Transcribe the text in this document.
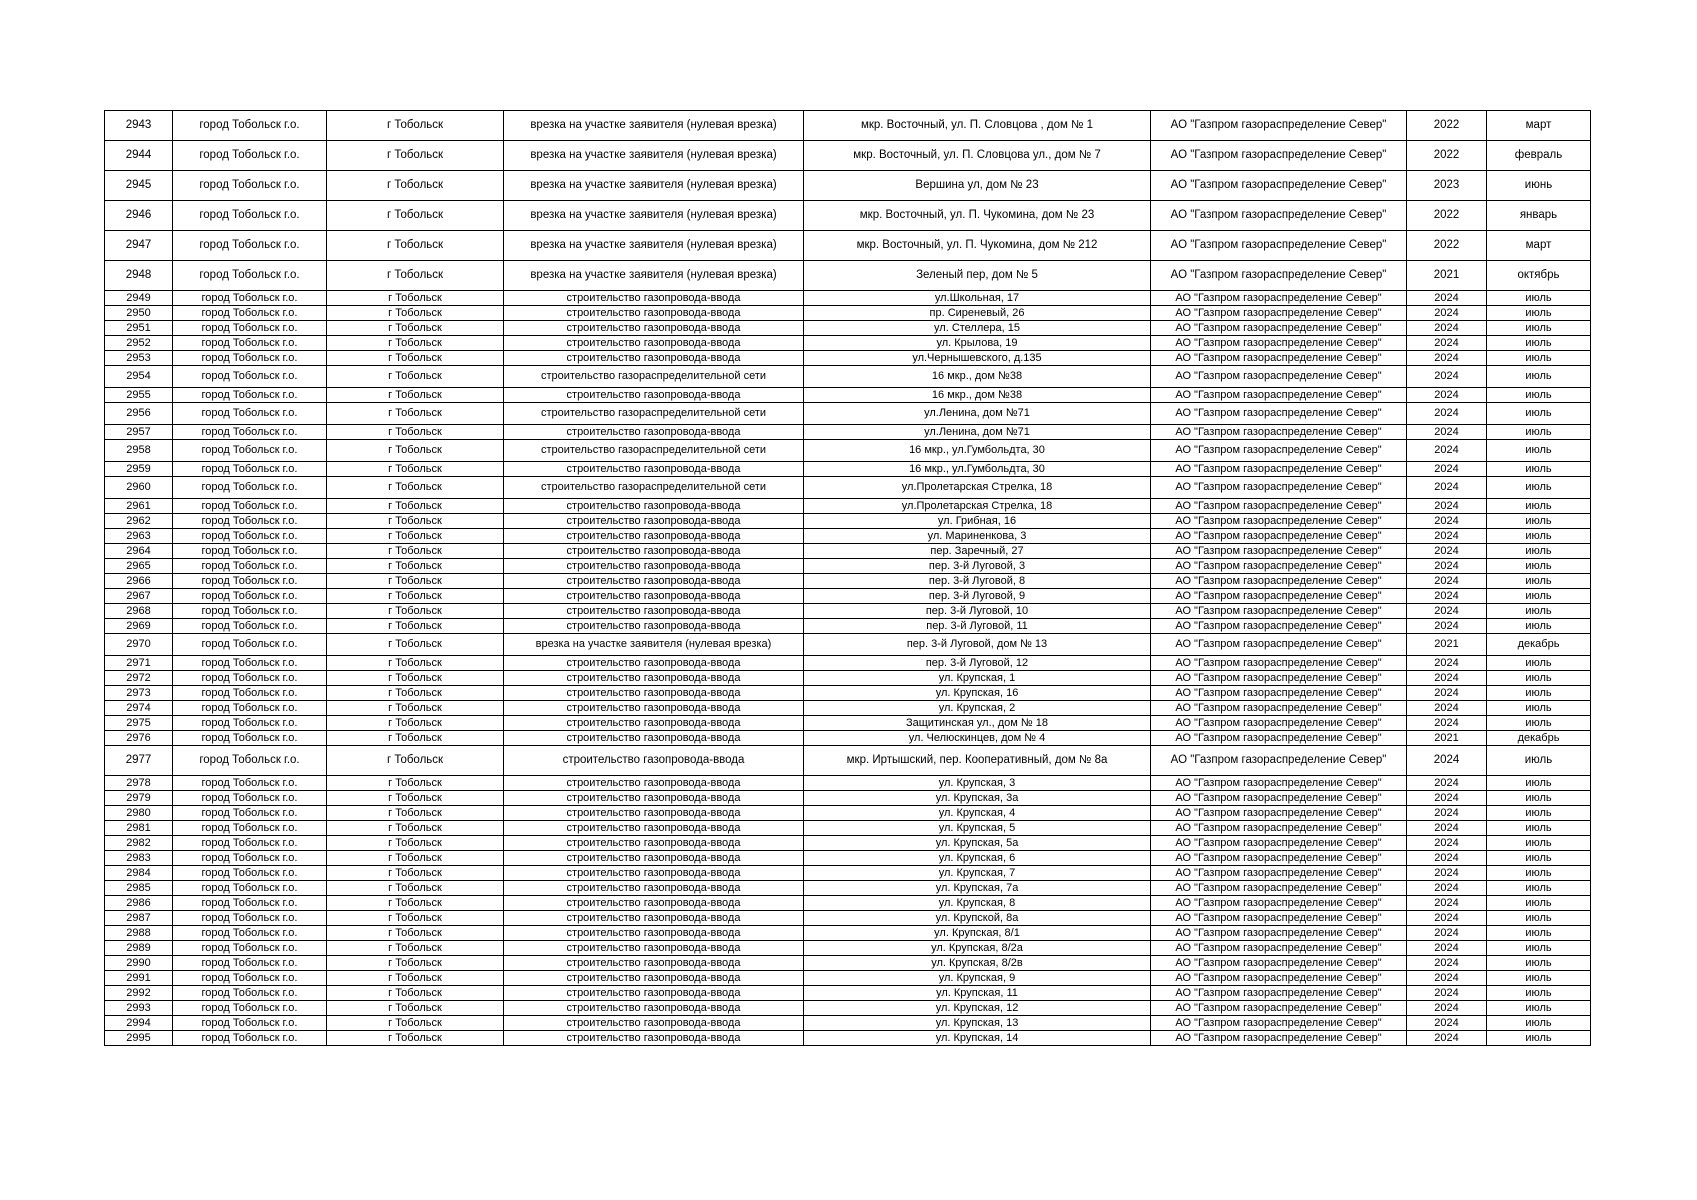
2943	город Тобольск г.о.	г Тобольск	врезка на участке заявителя (нулевая врезка)	мкр. Восточный, ул. П. Словцова , дом № 1	АО "Газпром газораспределение Север"	2022	март
2944	город Тобольск г.о.	г Тобольск	врезка на участке заявителя (нулевая врезка)	мкр. Восточный, ул. П. Словцова ул., дом № 7	АО "Газпром газораспределение Север"	2022	февраль
2945	город Тобольск г.о.	г Тобольск	врезка на участке заявителя (нулевая врезка)	Вершина ул, дом № 23	АО "Газпром газораспределение Север"	2023	июнь
2946	город Тобольск г.о.	г Тобольск	врезка на участке заявителя (нулевая врезка)	мкр. Восточный, ул. П. Чукомина, дом № 23	АО "Газпром газораспределение Север"	2022	январь
2947	город Тобольск г.о.	г Тобольск	врезка на участке заявителя (нулевая врезка)	мкр. Восточный, ул. П. Чукомина, дом № 212	АО "Газпром газораспределение Север"	2022	март
2948	город Тобольск г.о.	г Тобольск	врезка на участке заявителя (нулевая врезка)	Зеленый пер, дом № 5	АО "Газпром газораспределение Север"	2021	октябрь
2949	город Тобольск г.о.	г Тобольск	строительство газопровода-ввода	ул.Школьная, 17	АО "Газпром газораспределение Север"	2024	июль
2950	город Тобольск г.о.	г Тобольск	строительство газопровода-ввода	пр. Сиреневый, 26	АО "Газпром газораспределение Север"	2024	июль
2951	город Тобольск г.о.	г Тобольск	строительство газопровода-ввода	ул. Стеллера, 15	АО "Газпром газораспределение Север"	2024	июль
2952	город Тобольск г.о.	г Тобольск	строительство газопровода-ввода	ул. Крылова, 19	АО "Газпром газораспределение Север"	2024	июль
2953	город Тобольск г.о.	г Тобольск	строительство газопровода-ввода	ул.Чернышевского, д.135	АО "Газпром газораспределение Север"	2024	июль
2954	город Тобольск г.о.	г Тобольск	строительство газораспределительной сети	16 мкр., дом №38	АО "Газпром газораспределение Север"	2024	июль
2955	город Тобольск г.о.	г Тобольск	строительство газопровода-ввода	16 мкр., дом №38	АО "Газпром газораспределение Север"	2024	июль
2956	город Тобольск г.о.	г Тобольск	строительство газораспределительной сети	ул.Ленина, дом №71	АО "Газпром газораспределение Север"	2024	июль
2957	город Тобольск г.о.	г Тобольск	строительство газопровода-ввода	ул.Ленина, дом №71	АО "Газпром газораспределение Север"	2024	июль
2958	город Тобольск г.о.	г Тобольск	строительство газораспределительной сети	16 мкр., ул.Гумбольдта, 30	АО "Газпром газораспределение Север"	2024	июль
2959	город Тобольск г.о.	г Тобольск	строительство газопровода-ввода	16 мкр., ул.Гумбольдта, 30	АО "Газпром газораспределение Север"	2024	июль
2960	город Тобольск г.о.	г Тобольск	строительство газораспределительной сети	ул.Пролетарская Стрелка, 18	АО "Газпром газораспределение Север"	2024	июль
2961	город Тобольск г.о.	г Тобольск	строительство газопровода-ввода	ул.Пролетарская Стрелка, 18	АО "Газпром газораспределение Север"	2024	июль
2962	город Тобольск г.о.	г Тобольск	строительство газопровода-ввода	ул. Грибная, 16	АО "Газпром газораспределение Север"	2024	июль
2963	город Тобольск г.о.	г Тобольск	строительство газопровода-ввода	ул. Мариненкова, 3	АО "Газпром газораспределение Север"	2024	июль
2964	город Тобольск г.о.	г Тобольск	строительство газопровода-ввода	пер. Заречный, 27	АО "Газпром газораспределение Север"	2024	июль
2965	город Тобольск г.о.	г Тобольск	строительство газопровода-ввода	пер. 3-й Луговой, 3	АО "Газпром газораспределение Север"	2024	июль
2966	город Тобольск г.о.	г Тобольск	строительство газопровода-ввода	пер. 3-й Луговой, 8	АО "Газпром газораспределение Север"	2024	июль
2967	город Тобольск г.о.	г Тобольск	строительство газопровода-ввода	пер. 3-й Луговой, 9	АО "Газпром газораспределение Север"	2024	июль
2968	город Тобольск г.о.	г Тобольск	строительство газопровода-ввода	пер. 3-й Луговой, 10	АО "Газпром газораспределение Север"	2024	июль
2969	город Тобольск г.о.	г Тобольск	строительство газопровода-ввода	пер. 3-й Луговой, 11	АО "Газпром газораспределение Север"	2024	июль
2970	город Тобольск г.о.	г Тобольск	врезка на участке заявителя (нулевая врезка)	пер. 3-й Луговой, дом № 13	АО "Газпром газораспределение Север"	2021	декабрь
2971	город Тобольск г.о.	г Тобольск	строительство газопровода-ввода	пер. 3-й Луговой, 12	АО "Газпром газораспределение Север"	2024	июль
2972	город Тобольск г.о.	г Тобольск	строительство газопровода-ввода	ул. Крупская, 1	АО "Газпром газораспределение Север"	2024	июль
2973	город Тобольск г.о.	г Тобольск	строительство газопровода-ввода	ул. Крупская, 16	АО "Газпром газораспределение Север"	2024	июль
2974	город Тобольск г.о.	г Тобольск	строительство газопровода-ввода	ул. Крупская, 2	АО "Газпром газораспределение Север"	2024	июль
2975	город Тобольск г.о.	г Тобольск	строительство газопровода-ввода	Защитинская ул., дом № 18	АО "Газпром газораспределение Север"	2024	июль
2976	город Тобольск г.о.	г Тобольск	строительство газопровода-ввода	ул. Челюскинцев, дом № 4	АО "Газпром газораспределение Север"	2021	декабрь
2977	город Тобольск г.о.	г Тобольск	строительство газопровода-ввода	мкр. Иртышский, пер. Кооперативный, дом № 8а	АО "Газпром газораспределение Север"	2024	июль
2978	город Тобольск г.о.	г Тобольск	строительство газопровода-ввода	ул. Крупская, 3	АО "Газпром газораспределение Север"	2024	июль
2979	город Тобольск г.о.	г Тобольск	строительство газопровода-ввода	ул. Крупская, 3а	АО "Газпром газораспределение Север"	2024	июль
2980	город Тобольск г.о.	г Тобольск	строительство газопровода-ввода	ул. Крупская, 4	АО "Газпром газораспределение Север"	2024	июль
2981	город Тобольск г.о.	г Тобольск	строительство газопровода-ввода	ул. Крупская, 5	АО "Газпром газораспределение Север"	2024	июль
2982	город Тобольск г.о.	г Тобольск	строительство газопровода-ввода	ул. Крупская, 5а	АО "Газпром газораспределение Север"	2024	июль
2983	город Тобольск г.о.	г Тобольск	строительство газопровода-ввода	ул. Крупская, 6	АО "Газпром газораспределение Север"	2024	июль
2984	город Тобольск г.о.	г Тобольск	строительство газопровода-ввода	ул. Крупская, 7	АО "Газпром газораспределение Север"	2024	июль
2985	город Тобольск г.о.	г Тобольск	строительство газопровода-ввода	ул. Крупская, 7а	АО "Газпром газораспределение Север"	2024	июль
2986	город Тобольск г.о.	г Тобольск	строительство газопровода-ввода	ул. Крупская, 8	АО "Газпром газораспределение Север"	2024	июль
2987	город Тобольск г.о.	г Тобольск	строительство газопровода-ввода	ул. Крупской, 8а	АО "Газпром газораспределение Север"	2024	июль
2988	город Тобольск г.о.	г Тобольск	строительство газопровода-ввода	ул. Крупская, 8/1	АО "Газпром газораспределение Север"	2024	июль
2989	город Тобольск г.о.	г Тобольск	строительство газопровода-ввода	ул. Крупская, 8/2а	АО "Газпром газораспределение Север"	2024	июль
2990	город Тобольск г.о.	г Тобольск	строительство газопровода-ввода	ул. Крупская, 8/2в	АО "Газпром газораспределение Север"	2024	июль
2991	город Тобольск г.о.	г Тобольск	строительство газопровода-ввода	ул. Крупская, 9	АО "Газпром газораспределение Север"	2024	июль
2992	город Тобольск г.о.	г Тобольск	строительство газопровода-ввода	ул. Крупская, 11	АО "Газпром газораспределение Север"	2024	июль
2993	город Тобольск г.о.	г Тобольск	строительство газопровода-ввода	ул. Крупская, 12	АО "Газпром газораспределение Север"	2024	июль
2994	город Тобольск г.о.	г Тобольск	строительство газопровода-ввода	ул. Крупская, 13	АО "Газпром газораспределение Север"	2024	июль
2995	город Тобольск г.о.	г Тобольск	строительство газопровода-ввода	ул. Крупская, 14	АО "Газпром газораспределение Север"	2024	июль
